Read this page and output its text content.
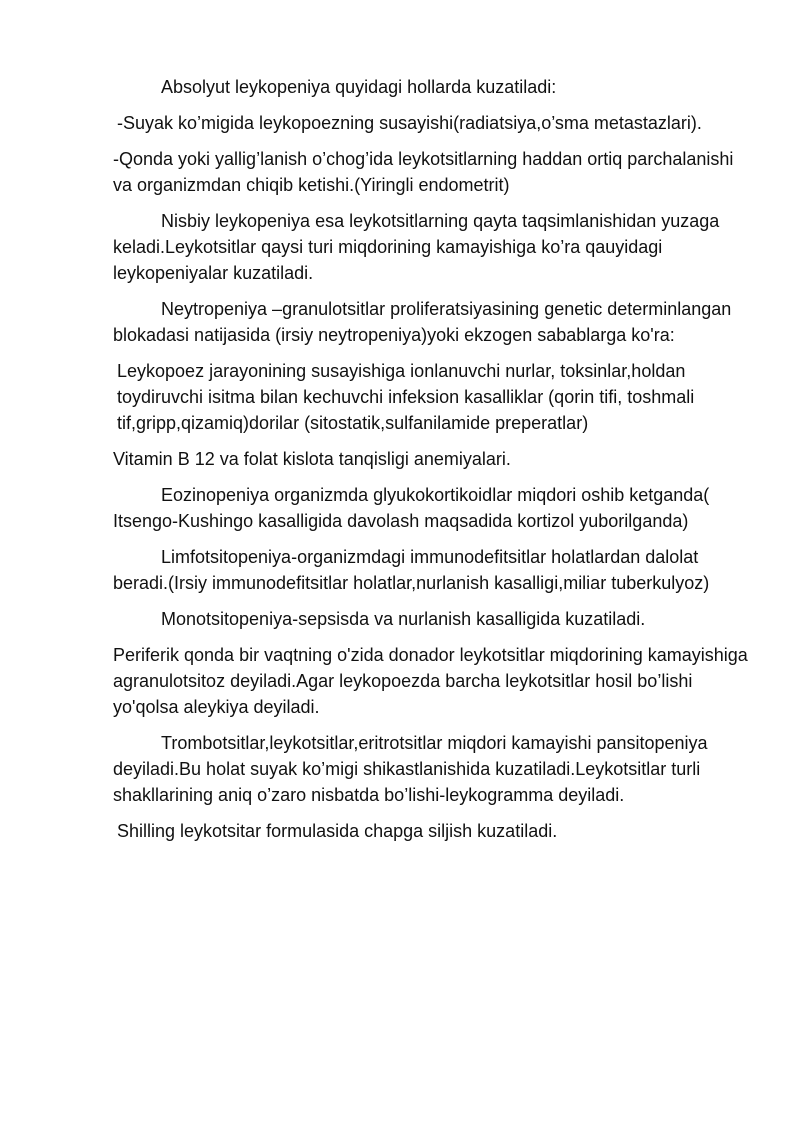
Absolyut leykopeniya quyidagi hollarda kuzatiladi:

-Suyak ko’migida leykopoezning susayishi(radiatsiya,o’sma metastazlari).

-Qonda yoki yallig’lanish o’chog’ida leykotsitlarning haddan ortiq parchalanishi va organizmdan chiqib ketishi.(Yiringli endometrit)

Nisbiy leykopeniya esa leykotsitlarning qayta taqsimlanishidan yuzaga keladi.Leykotsitlar qaysi turi miqdorining kamayishiga ko’ra qauyidagi leykopeniyalar kuzatiladi.

Neytropeniya –granulotsitlar proliferatsiyasining genetic determinlangan blokadasi natijasida (irsiy neytropeniya)yoki ekzogen sabablarga ko'ra:

Leykopoez jarayonining susayishiga ionlanuvchi nurlar, toksinlar,holdan toydiruvchi isitma bilan kechuvchi infeksion kasalliklar (qorin tifi, toshmali tif,gripp,qizamiq)dorilar (sitostatik,sulfanilamide preperatlar)

Vitamin B 12 va folat kislota tanqisligi anemiyalari.

Eozinopeniya organizmda glyukokortikoidlar miqdori oshib ketganda( Itsengo-Kushingo kasalligida davolash maqsadida kortizol yuborilganda)

Limfotsitopeniya-organizmdagi immunodefitsitlar holatlardan dalolat beradi.(Irsiy immunodefitsitlar holatlar,nurlanish kasalligi,miliar tuberkulyoz)

Monotsitopeniya-sepsisda va nurlanish kasalligida kuzatiladi.

Periferik qonda bir vaqtning o'zida donador leykotsitlar miqdorining kamayishiga agranulotsitoz deyiladi.Agar leykopoezda barcha leykotsitlar hosil bo’lishi yo'qolsa aleykiya deyiladi.

Trombotsitlar,leykotsitlar,eritrotsitlar miqdori kamayishi pansitopeniya deyiladi.Bu holat suyak ko’migi shikastlanishida kuzatiladi.Leykotsitlar turli shakllarining aniq o’zaro nisbatda bo’lishi-leykogramma deyiladi.

Shilling leykotsitar formulasida chapga siljish kuzatiladi.
